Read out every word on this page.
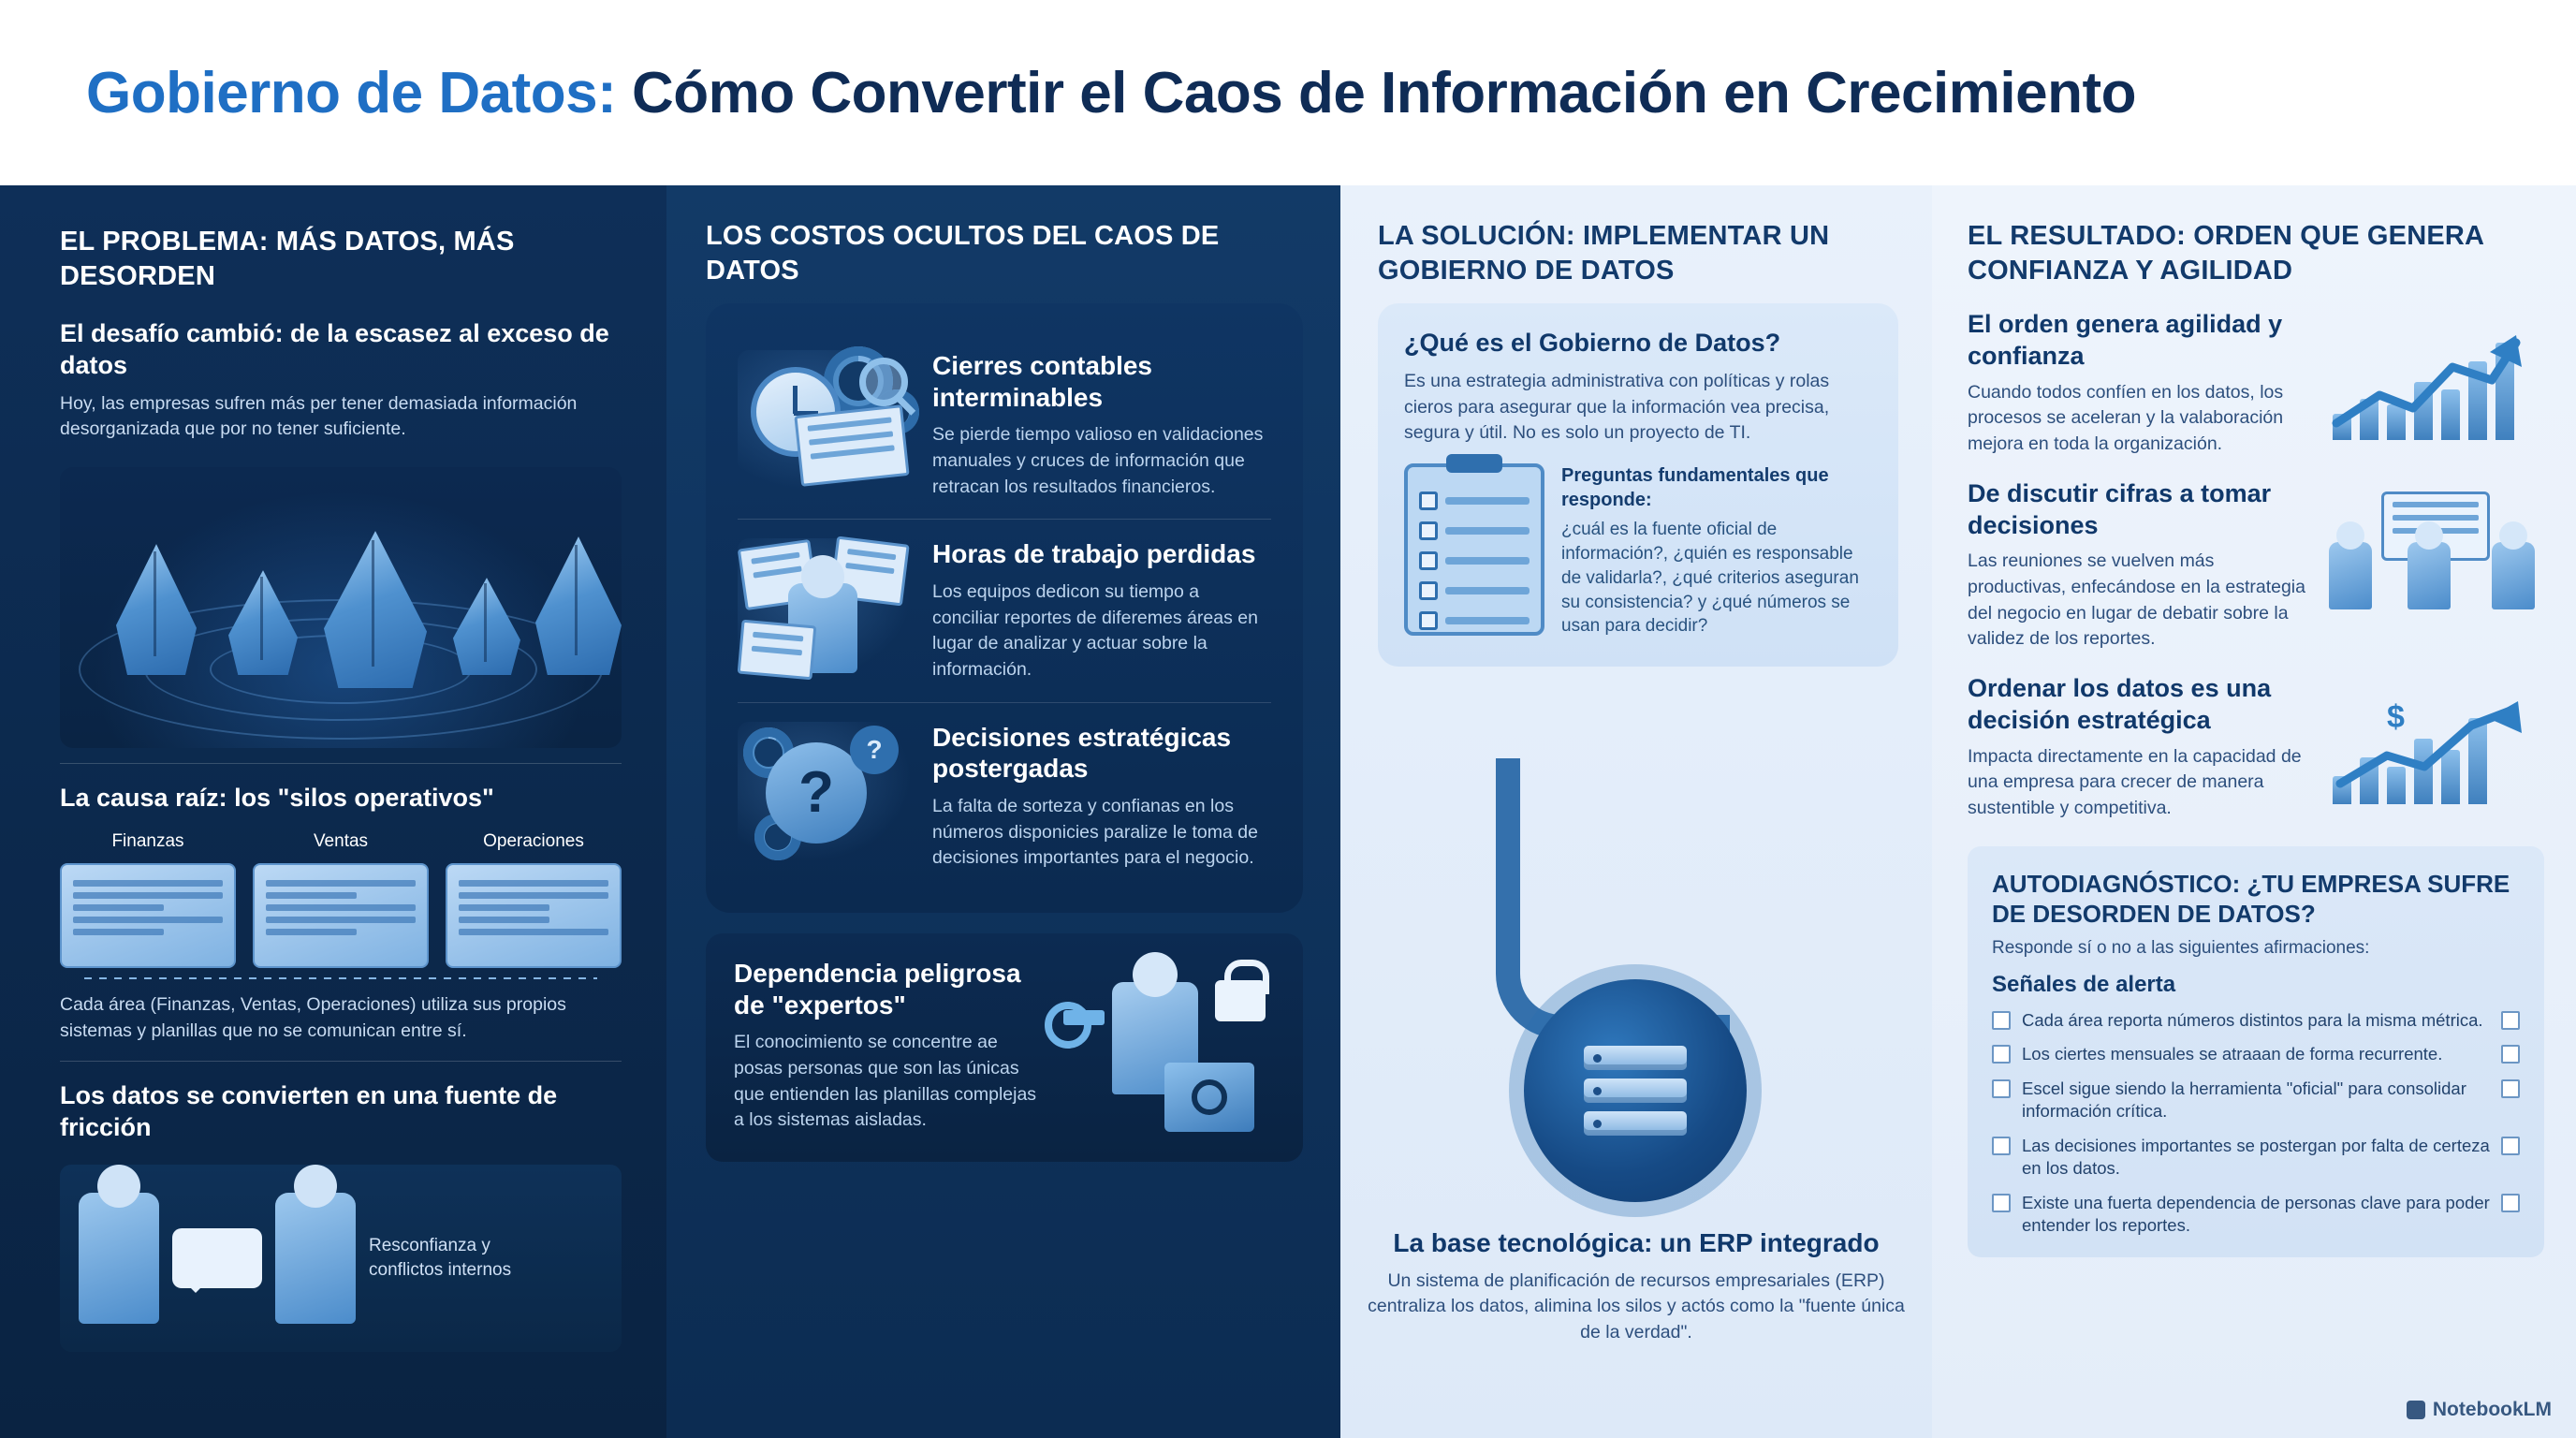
Gobierno de Datos: Cómo Convertir el Caos de Información en Crecimiento
EL PROBLEMA: MÁS DATOS, MÁS DESORDEN
El desafío cambió: de la escasez al exceso de datos
Hoy, las empresas sufren más per tener demasiada información desorganizada que por no tener suficiente.
La causa raíz: los "silos operativos"
Finanzas	Ventas	Operaciones
Cada área (Finanzas, Ventas, Operaciones) utiliza sus propios sistemas y planillas que no se comunican entre sí.
Los datos se convierten en una fuente de fricción
Resconfianza y conflictos internos
LOS COSTOS OCULTOS DEL CAOS DE DATOS
Cierres contables interminables
Se pierde tiempo valioso en validaciones manuales y cruces de información que retracan los resultados financieros.
Horas de trabajo perdidas
Los equipos dedicon su tiempo a conciliar reportes de diferemes áreas en lugar de analizar y actuar sobre la información.
?
?	Decisiones estratégicas postergadas
La falta de sorteza y confianas en los números disponicies paralize le toma de decisiones importantes para el negocio.
Dependencia peligrosa de "expertos"
El conocimiento se concentre ae posas personas que son las únicas que entienden las planillas complejas a los sistemas aisladas.
LA SOLUCIÓN: IMPLEMENTAR UN GOBIERNO DE DATOS
¿Qué es el Gobierno de Datos?
Es una estrategia administrativa con políticas y rolas cieros para asegurar que la información vea precisa, segura y útil. No es solo un proyecto de TI.
Preguntas fundamentales que responde:
¿cuál es la fuente oficial de información?, ¿quién es responsable de validarla?, ¿qué criterios aseguran su consistencia? y ¿qué números se usan para decidir?
La base tecnológica: un ERP integrado
Un sistema de planificación de recursos empresariales (ERP) centraliza los datos, alimina los silos y actós como la "fuente única de la verdad".
EL RESULTADO: ORDEN QUE GENERA CONFIANZA Y AGILIDAD
El orden genera agilidad y confianza
Cuando todos confíen en los datos, los procesos se aceleran y la valaboración mejora en toda la organización.
De discutir cifras a tomar decisiones
Las reuniones se vuelven más productivas, enfecándose en la estrategia del negocio en lugar de debatir sobre la validez de los reportes.
Ordenar los datos es una decisión estratégica
Impacta directamente en la capacidad de una empresa para crecer de manera sustentible y competitiva.
$
AUTODIAGNÓSTICO: ¿TU EMPRESA SUFRE DE DESORDEN DE DATOS?
Responde sí o no a las siguientes afirmaciones:
Señales de alerta
Cada área reporta números distintos para la misma métrica.
Los ciertes mensuales se atraaan de forma recurrente.
Escel sigue siendo la herramienta "oficial" para consolidar información crítica.
Las decisiones importantes se postergan por falta de certeza en los datos.
Existe una fuerta dependencia de personas clave para poder entender los reportes.
NotebookLM
